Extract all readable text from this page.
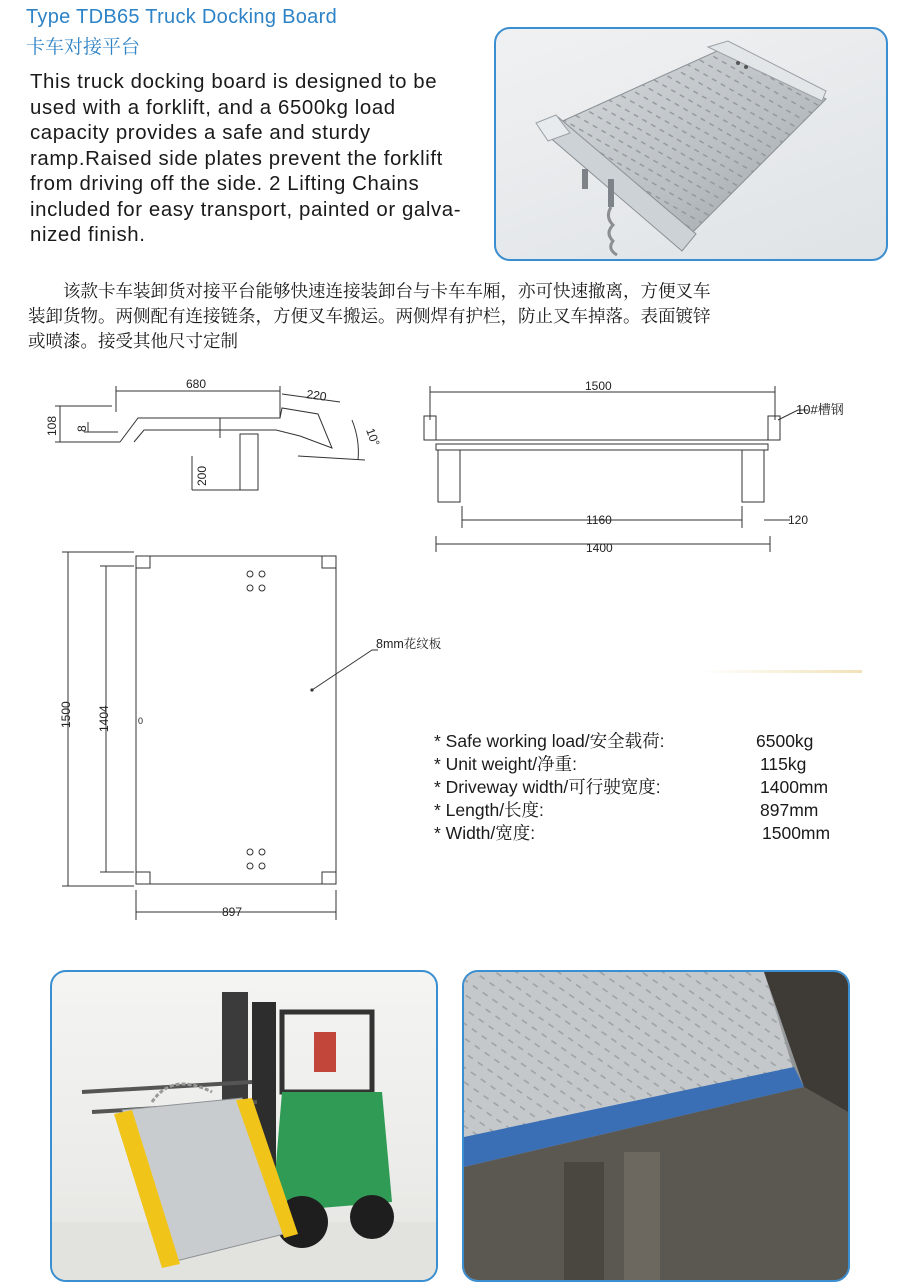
Type TDB65 Truck Docking Board
卡车对接平台
This truck docking board is designed to be
used with a forklift, and a 6500kg load
capacity provides a safe and sturdy
ramp.Raised side plates prevent the forklift
from driving off the side. 2 Lifting Chains
included for easy transport, painted or galva-
nized finish.
　　该款卡车装卸货对接平台能够快速连接装卸台与卡车车厢，亦可快速撤离，方便叉车
装卸货物。两侧配有连接链条，方便叉车搬运。两侧焊有护栏，防止叉车掉落。表面镀锌
或喷漆。接受其他尺寸定制
680
220
108 8
200
10°
1500
10#槽钢
1160	120
1400
0
8mm花纹板
1500 1404
897
* Safe working load/安全载荷:	6500kg
* Unit weight/净重:	115kg
* Driveway width/可行驶宽度:	1400mm
* Length/长度:	897mm
* Width/宽度:	1500mm
